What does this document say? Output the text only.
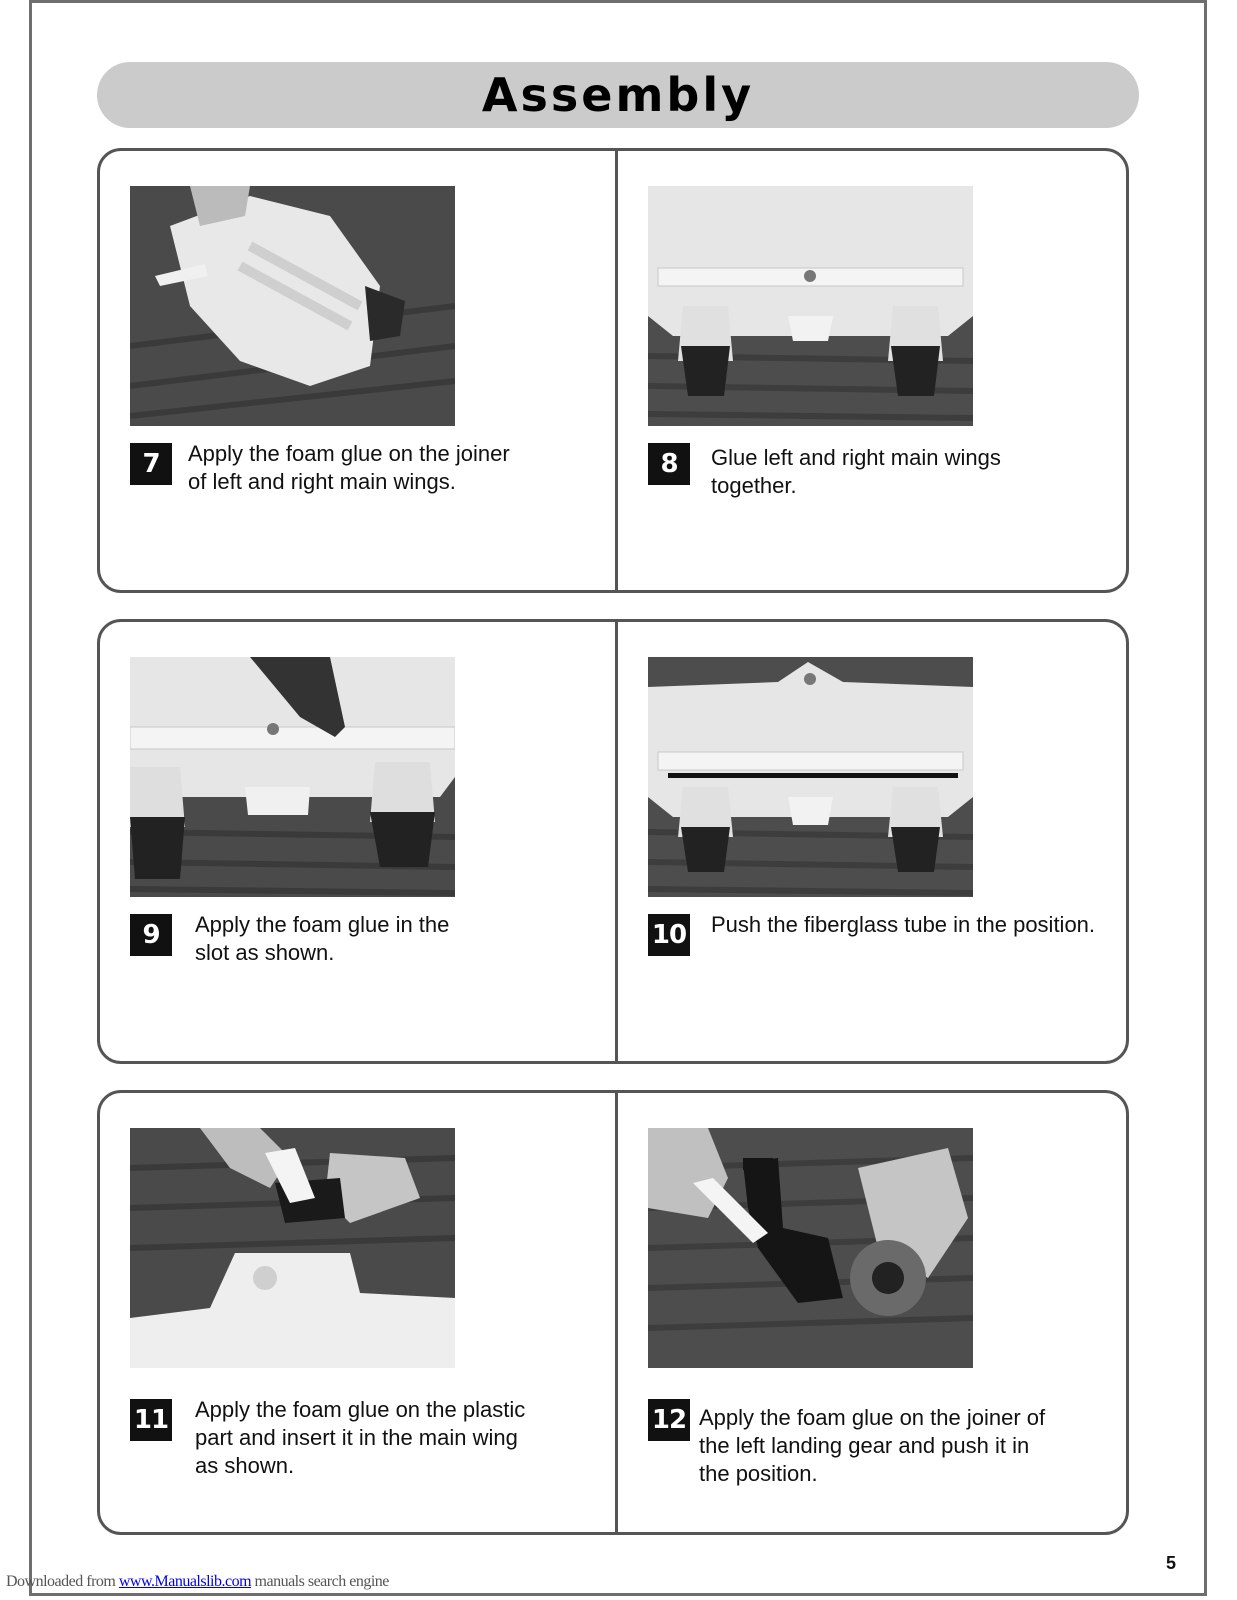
Assembly
7	Apply the foam glue on the joiner
of left and right main wings.
8	Glue left and right main wings
together.
9	Apply the foam glue in the
slot as shown.
10 Push the fiberglass tube in the position.
11 Apply the foam glue on the plastic
part and insert it in the main wing
as shown.
12 Apply the foam glue on the joiner of
the left landing gear and push it in
the position.
5
Downloaded from www.Manualslib.com manuals search engine
